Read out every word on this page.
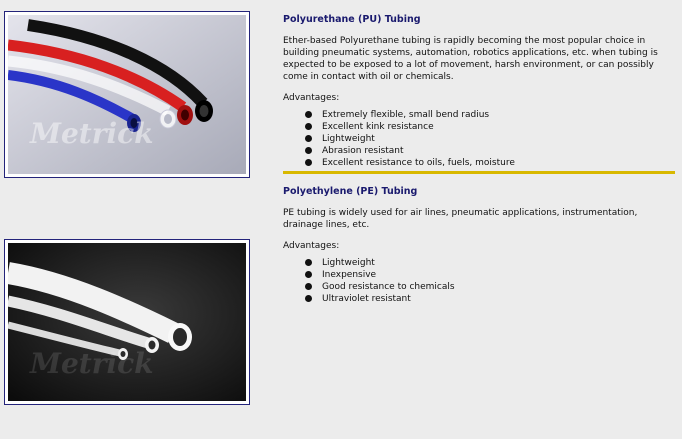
Metrick
Polyurethane (PU) Tubing

Ether-based Polyurethane tubing is rapidly becoming the most popular choice in building pneumatic systems, automation, robotics applications, etc. when tubing is expected to be exposed to a lot of movement, harsh environment, or can possibly come in contact with oil or chemicals.

Advantages:
Extremely flexible, small bend radius
Excellent kink resistance
Lightweight
Abrasion resistant
Excellent resistance to oils, fuels, moisture
Polyethylene (PE) Tubing

PE tubing is widely used for air lines, pneumatic applications, instrumentation, drainage lines, etc.

Advantages:
Lightweight
Inexpensive
Good resistance to chemicals
Ultraviolet resistant
Metrick
